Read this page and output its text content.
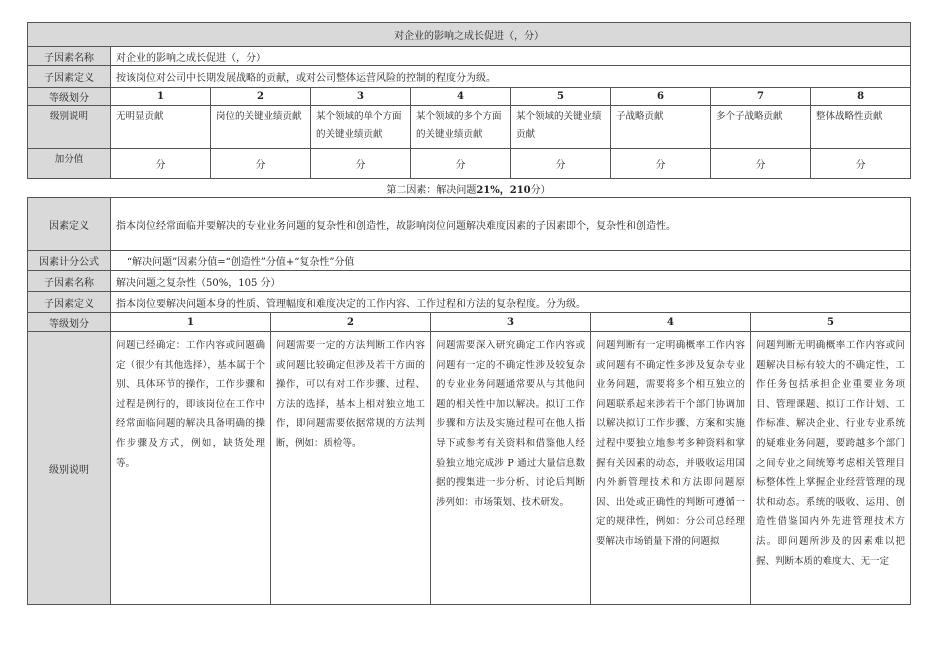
对企业的影响之成长促进（，分）								
子因素名称	对企业的影响之成长促进（，分）							
子因素定义	按该岗位对公司中长期发展战略的贡献，或对公司整体运营风险的控制的程度分为级。							
等级划分	1	2	3	4	5	6	7	8
级别说明	无明显贡献	岗位的关键业绩贡献	某个领域的单个方面的关键业绩贡献	某个领域的多个方面的关键业绩贡献	某个领域的关键业绩贡献	子战略贡献	多个子战略贡献	整体战略性贡献
加分值	分	分	分	分	分	分	分	分
第二因素：解决问题21%，210分）
因素定义	指本岗位经常面临并要解决的专业业务问题的复杂性和创造性，故影响岗位问题解决难度因素的子因素即个，复杂性和创造性。				
因素计分公式	“解决问题”因素分值=“创造性”分值+“复杂性”分值				
子因素名称	解决问题之复杂性（50%，105 分）				
子因素定义	指本岗位要解决问题本身的性质、管理幅度和难度决定的工作内容、工作过程和方法的复杂程度。分为级。				
等级划分	1	2	3	4	5
级别说明	问题已经确定：工作内容或问题确定（很少有其他选择），基本属于个别、具体环节的操作，工作步骤和过程是例行的，即该岗位在工作中经常面临问题的解决具备明确的操作步骤及方式，例如，缺货处理等。	问题需要一定的方法判断工作内容或问题比较确定但涉及若干方面的操作，可以有对工作步骤、过程、方法的选择，基本上相对独立地工作，即问题需要依据常规的方法判断，例如：质检等。	问题需要深入研究确定工作内容或问题有一定的不确定性涉及较复杂的专业业务问题通常要从与其他问题的相关性中加以解决。拟订工作步骤和方法及实施过程可在他人指导下或参考有关资料和借鉴他人经验独立地完成涉 P 通过大量信息数据的搜集进一步分析、讨论后判断涉列如：市场策划、技术研发。	问题判断有一定明确概率工作内容或问题有不确定性多涉及复杂专业业务问题，需要将多个相互独立的问题联系起来涉若干个部门协调加以解决拟订工作步骤、方案和实施过程中要独立地参考多种资料和掌握有关因素的动态，并吸收运用国内外新管理技术和方法即问题原因、出处或正确性的判断可遵循一定的规律性，例如：分公司总经理要解决市场销量下滑的问题拟	问题判断无明确概率工作内容或问题解决目标有较大的不确定性，工作任务包括承担企业重要业务项目、管理课题、拟订工作计划、工作标准、解决企业、行业专业系统的疑难业务问题，要跨越多个部门之间专业之间统筹考虑相关管理目标整体性上掌握企业经营管理的现状和动态。系统的吸收、运用、创造性借鉴国内外先进管理技术方法。即问题所涉及的因素难以把握、判断本质的难度大、无一定
